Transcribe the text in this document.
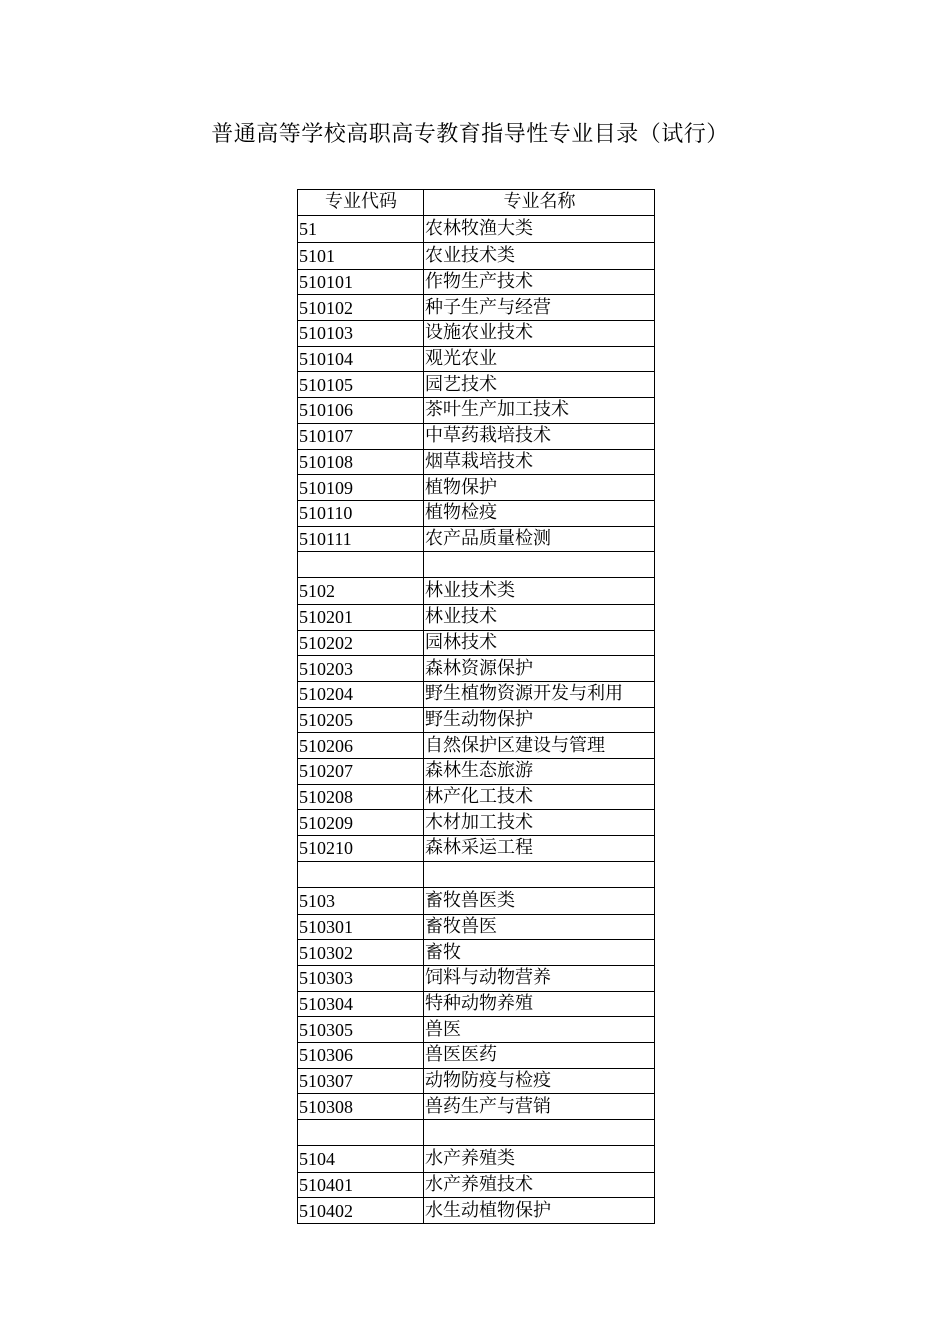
普通高等学校高职高专教育指导性专业目录（试行）
专业代码	专业名称
51	农林牧渔大类
5101	农业技术类
510101	作物生产技术
510102	种子生产与经营
510103	设施农业技术
510104	观光农业
510105	园艺技术
510106	茶叶生产加工技术
510107	中草药栽培技术
510108	烟草栽培技术
510109	植物保护
510110	植物检疫
510111	农产品质量检测

5102	林业技术类
510201	林业技术
510202	园林技术
510203	森林资源保护
510204	野生植物资源开发与利用
510205	野生动物保护
510206	自然保护区建设与管理
510207	森林生态旅游
510208	林产化工技术
510209	木材加工技术
510210	森林采运工程

5103	畜牧兽医类
510301	畜牧兽医
510302	畜牧
510303	饲料与动物营养
510304	特种动物养殖
510305	兽医
510306	兽医医药
510307	动物防疫与检疫
510308	兽药生产与营销

5104	水产养殖类
510401	水产养殖技术
510402	水生动植物保护
